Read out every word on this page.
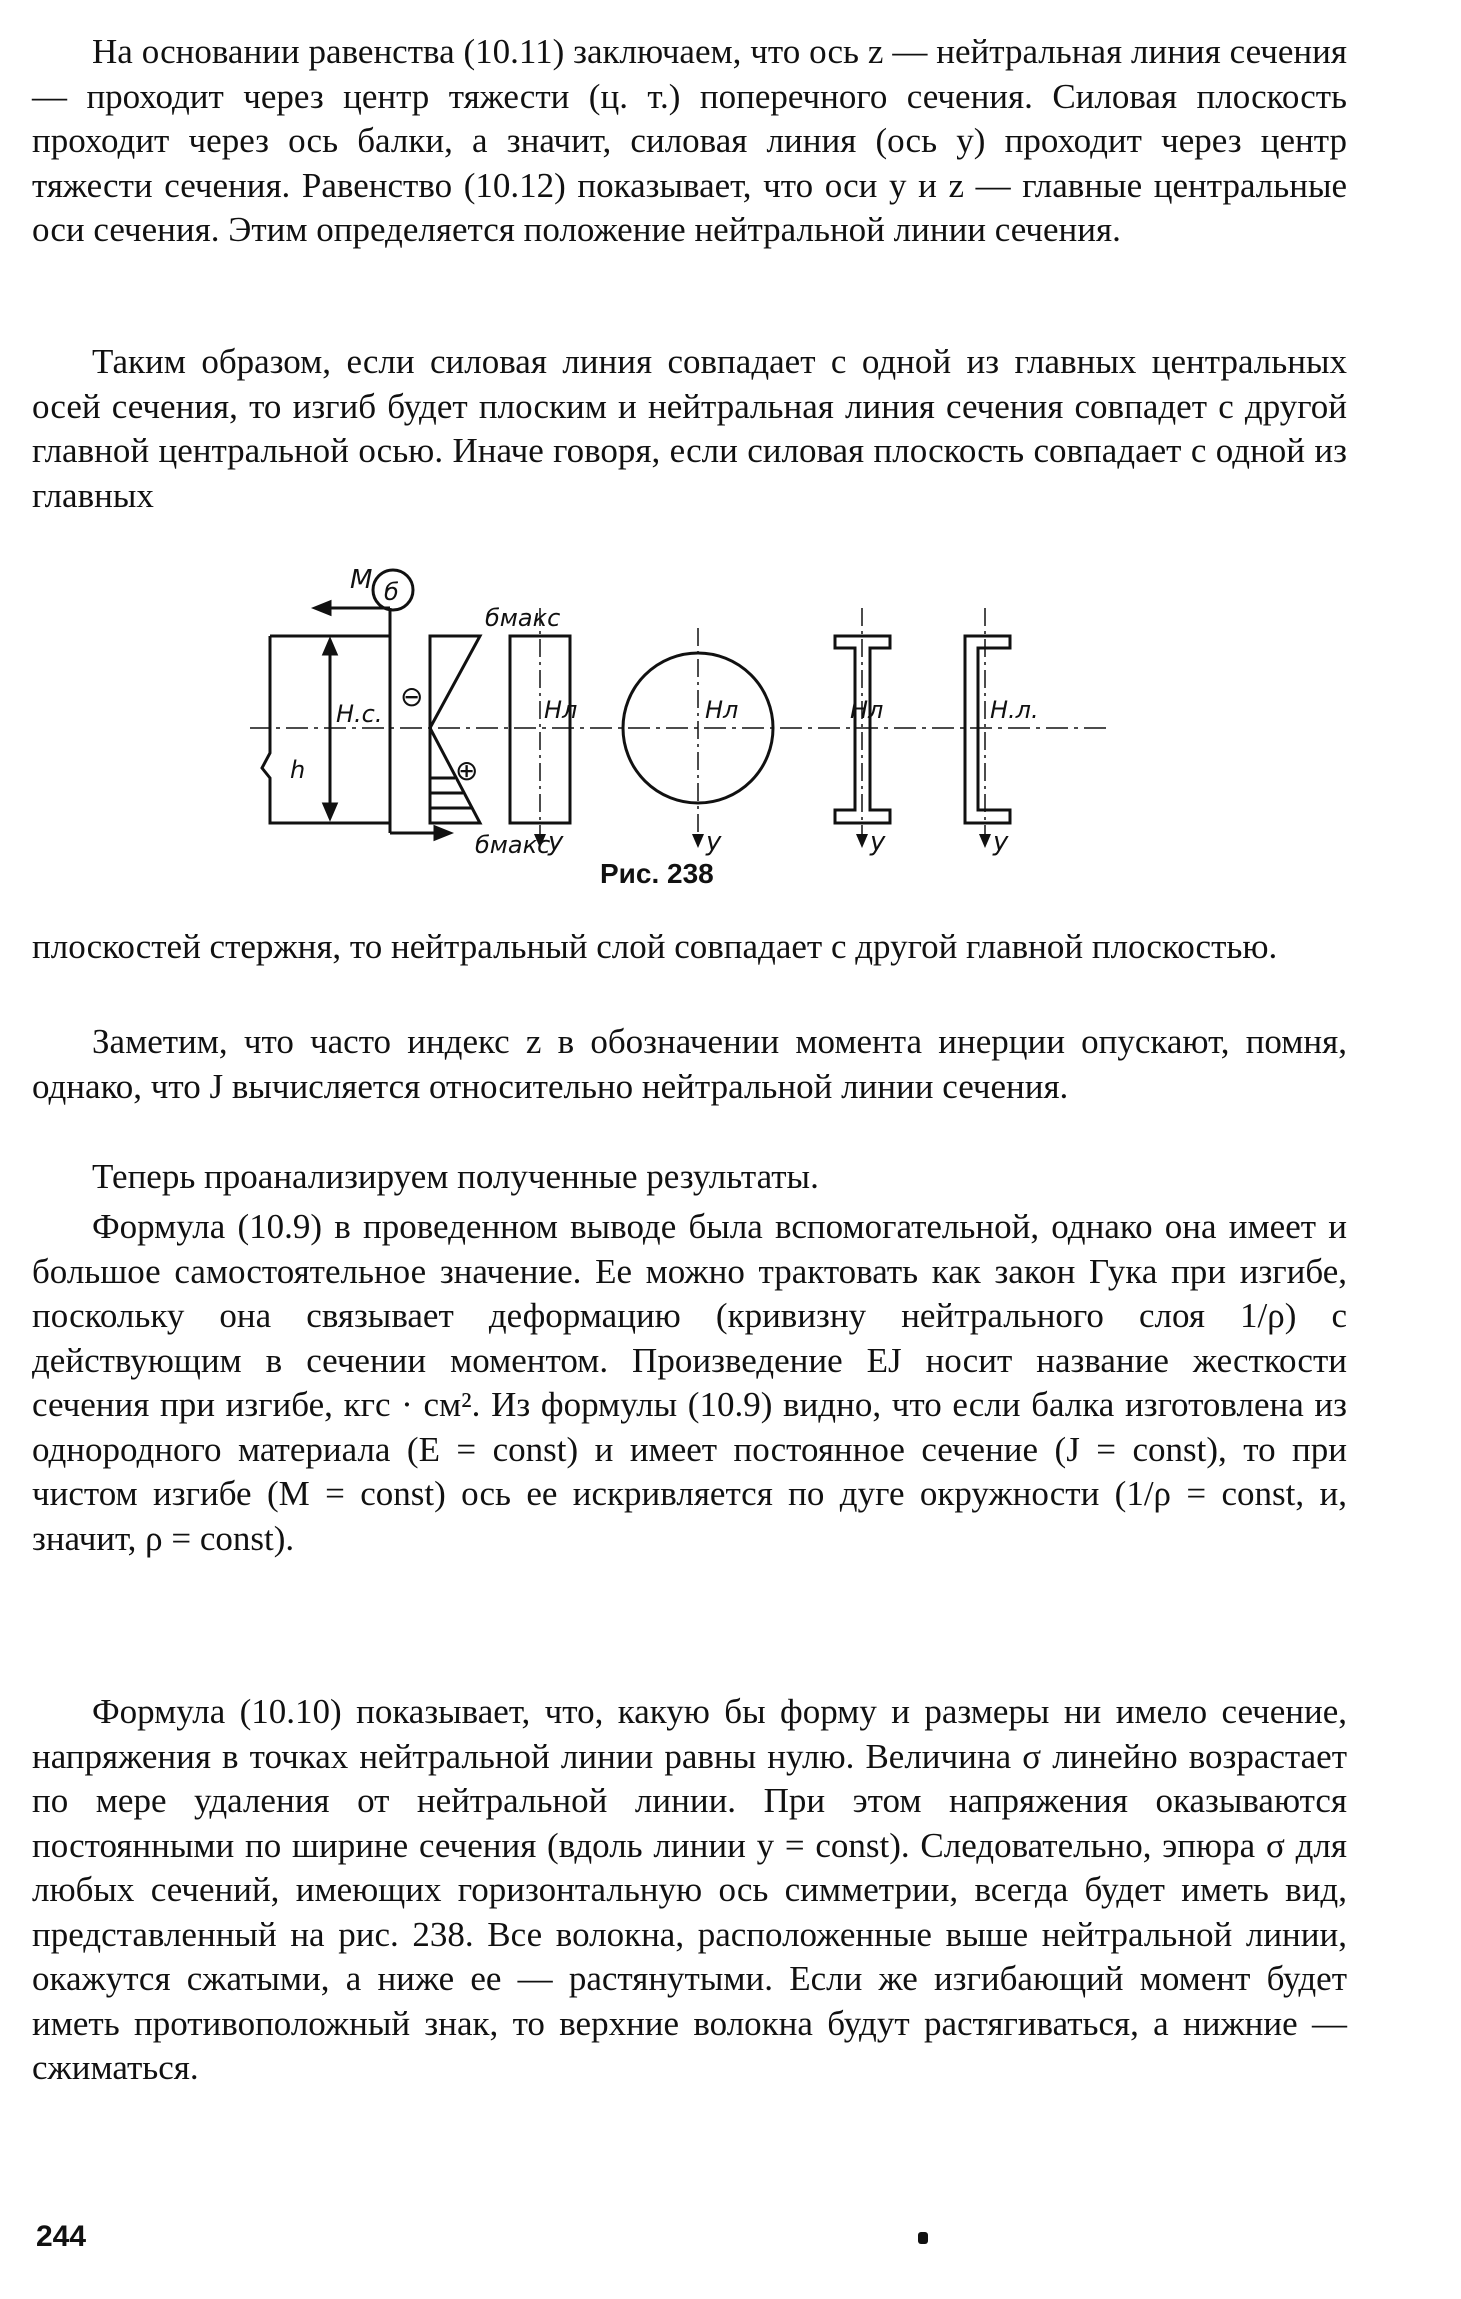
На основании равенства (10.11) заключаем, что ось z — нейтральная линия сечения — проходит через центр тяжести (ц. т.) поперечного сечения. Силовая плоскость проходит через ось балки, а значит, силовая линия (ось y) проходит через центр тяжести сечения. Равенство (10.12) показывает, что оси y и z — главные центральные оси сечения. Этим определяется положение нейтральной линии сечения.

Таким образом, если силовая линия совпадает с одной из главных центральных осей сечения, то изгиб будет плоским и нейтральная линия сечения совпадет с другой главной центральной осью. Иначе говоря, если силовая плоскость совпадает с одной из главных

M б
Н.с.
h
бмакс
бмакс
⊖
⊕
Нл	Нл	Нл	Н.л.
y	y	y	y
Рис. 238

плоскостей стержня, то нейтральный слой совпадает с другой главной плоскостью.

Заметим, что часто индекс z в обозначении момента инерции опускают, помня, однако, что J вычисляется относительно нейтральной линии сечения.

Теперь проанализируем полученные результаты.

Формула (10.9) в проведенном выводе была вспомогательной, однако она имеет и большое самостоятельное значение. Ее можно трактовать как закон Гука при изгибе, поскольку она связывает деформацию (кривизну нейтрального слоя 1/ρ) с действующим в сечении моментом. Произведение EJ носит название жесткости сечения при изгибе, кгс · см². Из формулы (10.9) видно, что если балка изготовлена из однородного материала (E = const) и имеет постоянное сечение (J = const), то при чистом изгибе (M = const) ось ее искривляется по дуге окружности (1/ρ = const, и, значит, ρ = const).

Формула (10.10) показывает, что, какую бы форму и размеры ни имело сечение, напряжения в точках нейтральной линии равны нулю. Величина σ линейно возрастает по мере удаления от нейтральной линии. При этом напряжения оказываются постоянными по ширине сечения (вдоль линии y = const). Следовательно, эпюра σ для любых сечений, имеющих горизонтальную ось симметрии, всегда будет иметь вид, представленный на рис. 238. Все волокна, расположенные выше нейтральной линии, окажутся сжатыми, а ниже ее — растянутыми. Если же изгибающий момент будет иметь противоположный знак, то верхние волокна будут растягиваться, а нижние — сжиматься.

244
